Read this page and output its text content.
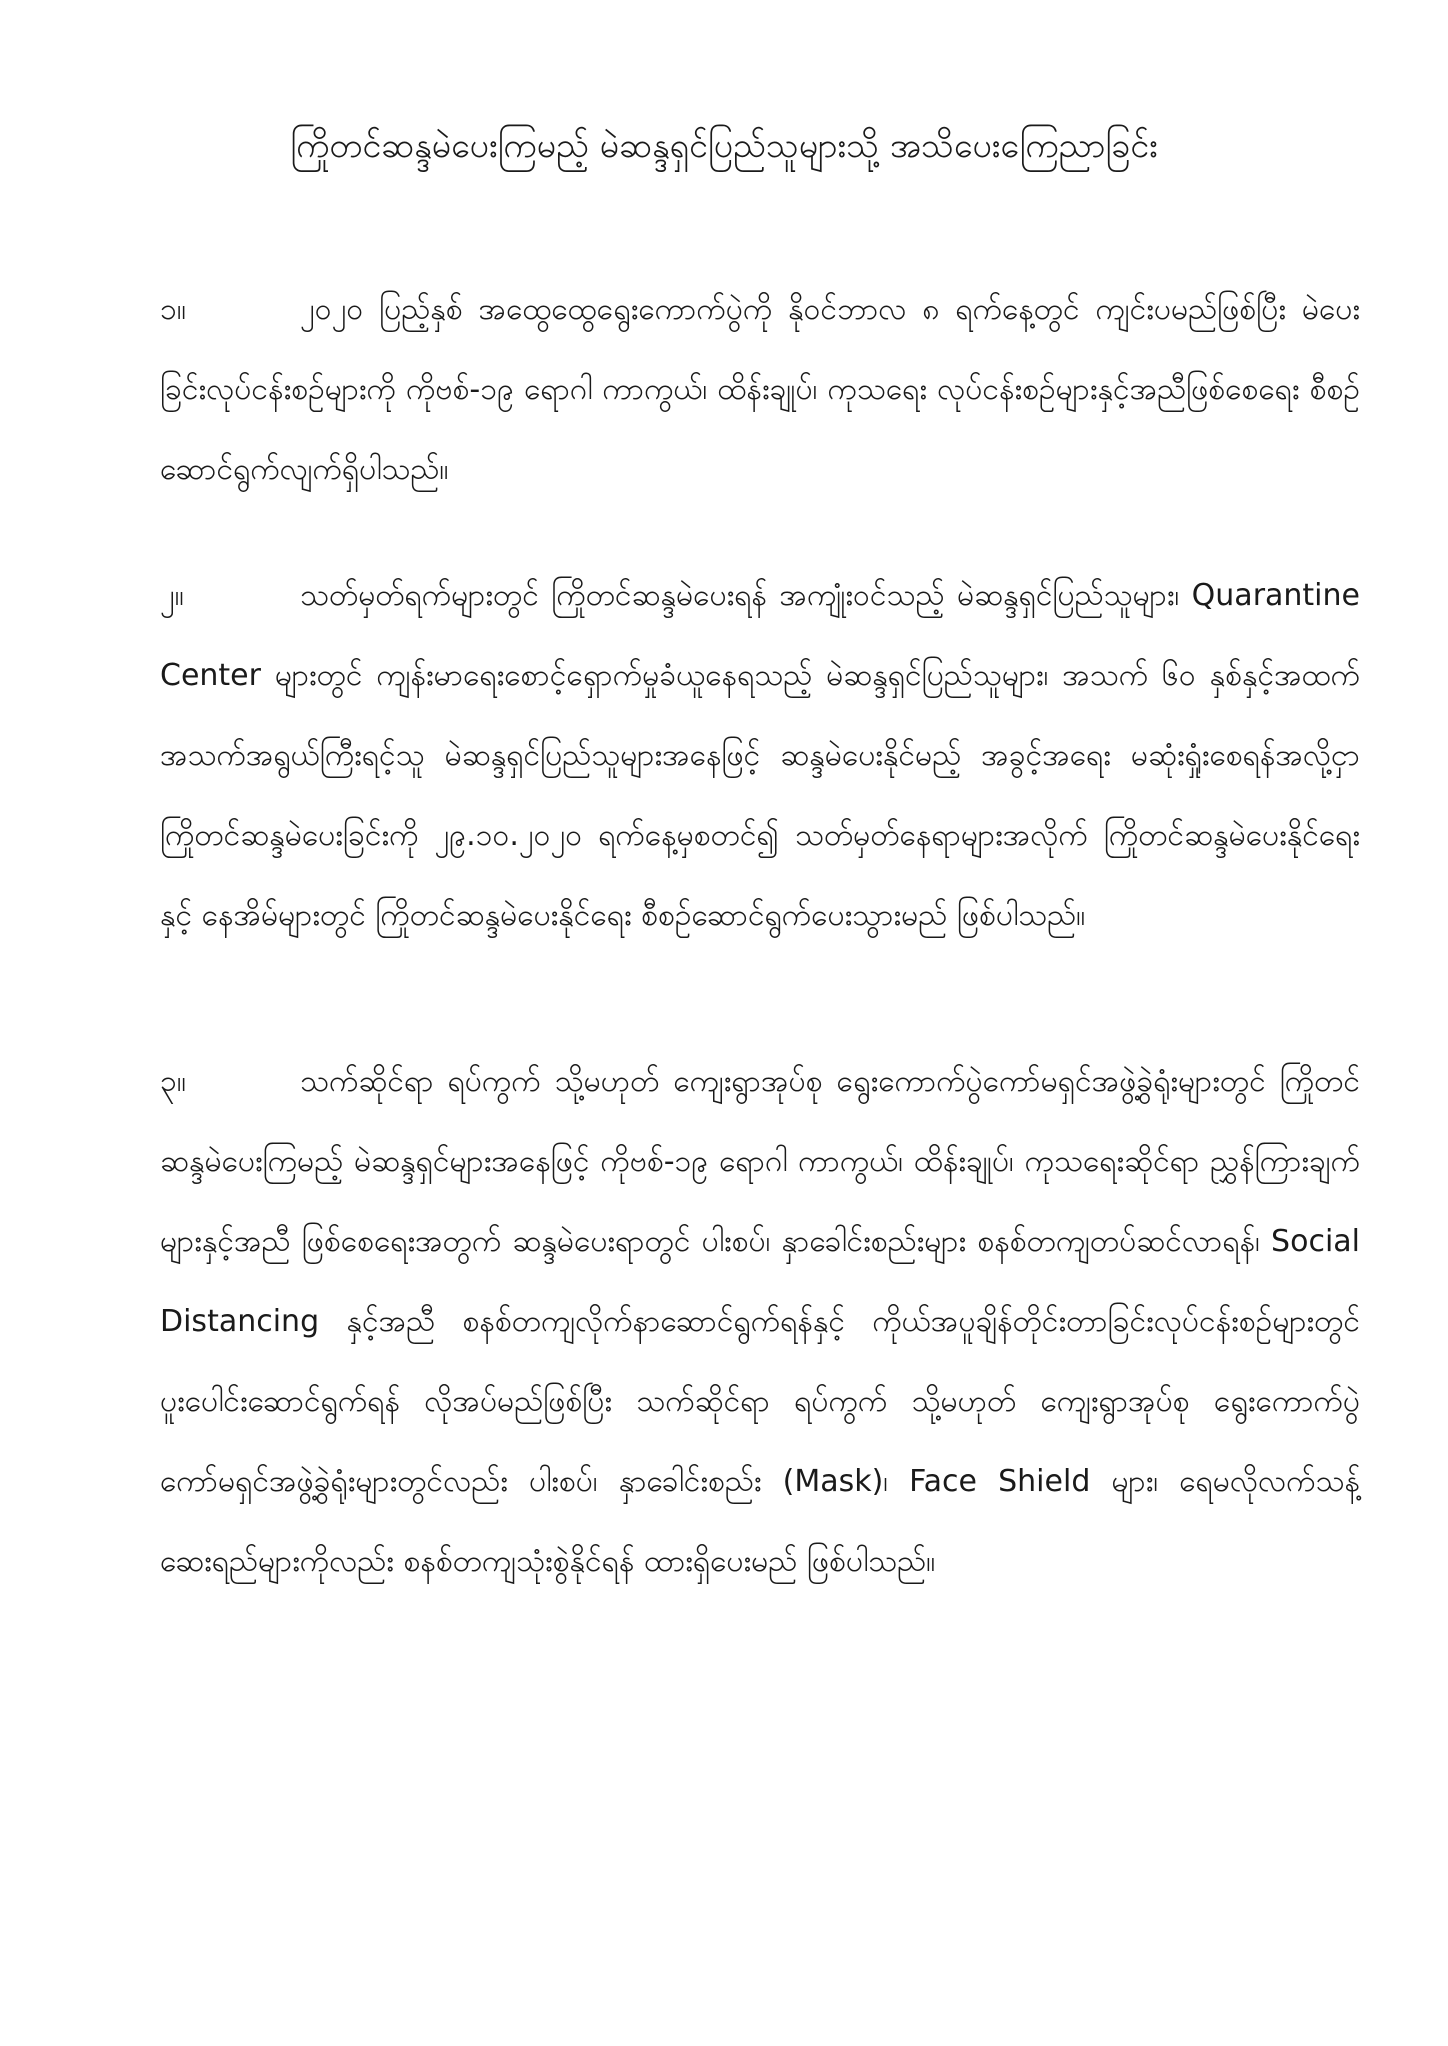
ကြိုတင်ဆန္ဒမဲပေးကြမည့် မဲဆန္ဒရှင်ပြည်သူများသို့ အသိပေးကြေညာခြင်း
၁။	၂၀၂၀ ပြည့်နှစ် အထွေထွေရွေးကောက်ပွဲကို နိုဝင်ဘာလ ၈ ရက်နေ့တွင် ကျင်းပမည်ဖြစ်ပြီး မဲပေးခြင်းလုပ်ငန်းစဉ်များကို ကိုဗစ်-၁၉ ရောဂါ ကာကွယ်၊ ထိန်းချုပ်၊ ကုသရေး လုပ်ငန်းစဉ်များနှင့်အညီဖြစ်စေရေး စီစဉ်ဆောင်ရွက်လျက်ရှိပါသည်။
၂။	သတ်မှတ်ရက်များတွင် ကြိုတင်ဆန္ဒမဲပေးရန် အကျုံးဝင်သည့် မဲဆန္ဒရှင်ပြည်သူများ၊ Quarantine Center များတွင် ကျန်းမာရေးစောင့်ရှောက်မှုခံယူနေရသည့် မဲဆန္ဒရှင်ပြည်သူများ၊ အသက် ၆၀ နှစ်နှင့်အထက် အသက်အရွယ်ကြီးရင့်သူ မဲဆန္ဒရှင်ပြည်သူများအနေဖြင့် ဆန္ဒမဲပေးနိုင်မည့် အခွင့်အရေး မဆုံးရှုံးစေရန်အလို့ငှာ ကြိုတင်ဆန္ဒမဲပေးခြင်းကို ၂၉.၁၀.၂၀၂၀ ရက်နေ့မှစတင်၍ သတ်မှတ်နေရာများအလိုက် ကြိုတင်ဆန္ဒမဲပေးနိုင်ရေး နှင့် နေအိမ်များတွင် ကြိုတင်ဆန္ဒမဲပေးနိုင်ရေး စီစဉ်ဆောင်ရွက်ပေးသွားမည် ဖြစ်ပါသည်။
၃။	သက်ဆိုင်ရာ ရပ်ကွက် သို့မဟုတ် ကျေးရွာအုပ်စု ရွေးကောက်ပွဲကော်မရှင်အဖွဲ့ခွဲရုံးများတွင် ကြိုတင်ဆန္ဒမဲပေးကြမည့် မဲဆန္ဒရှင်များအနေဖြင့် ကိုဗစ်-၁၉ ရောဂါ ကာကွယ်၊ ထိန်းချုပ်၊ ကုသရေးဆိုင်ရာ ညွှန်ကြားချက်များနှင့်အညီ ဖြစ်စေရေးအတွက် ဆန္ဒမဲပေးရာတွင် ပါးစပ်၊ နှာခေါင်းစည်းများ စနစ်တကျတပ်ဆင်လာရန်၊ Social Distancing နှင့်အညီ စနစ်တကျလိုက်နာဆောင်ရွက်ရန်နှင့် ကိုယ်အပူချိန်တိုင်းတာခြင်းလုပ်ငန်းစဉ်များတွင် ပူးပေါင်းဆောင်ရွက်ရန် လိုအပ်မည်ဖြစ်ပြီး သက်ဆိုင်ရာ ရပ်ကွက် သို့မဟုတ် ကျေးရွာအုပ်စု ရွေးကောက်ပွဲကော်မရှင်အဖွဲ့ခွဲရုံးများတွင်လည်း ပါးစပ်၊ နှာခေါင်းစည်း (Mask)၊ Face Shield များ၊ ရေမလိုလက်သန့်ဆေးရည်များကိုလည်း စနစ်တကျသုံးစွဲနိုင်ရန် ထားရှိပေးမည် ဖြစ်ပါသည်။
